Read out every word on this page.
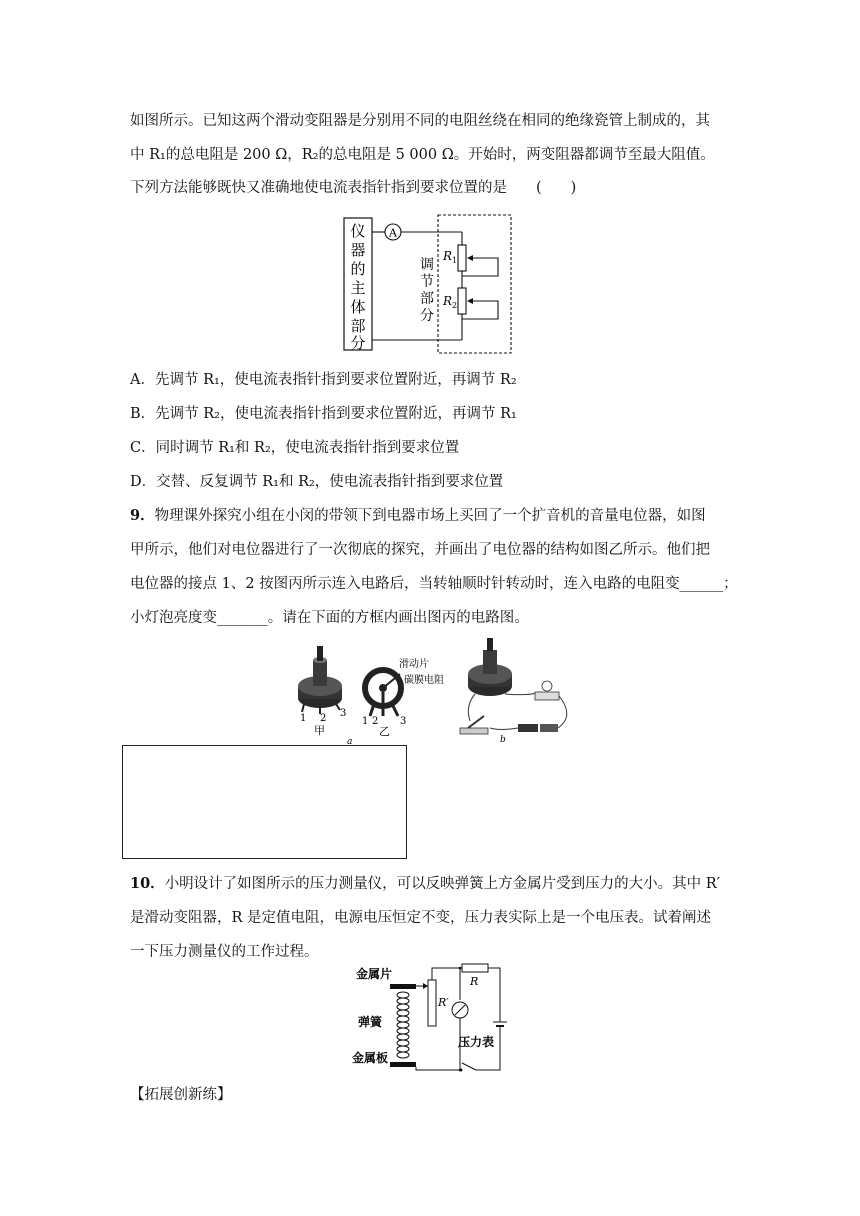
如图所示。已知这两个滑动变阻器是分别用不同的电阻丝绕在相同的绝缘瓷管上制成的，其
中 R₁的总电阻是 200 Ω，R₂的总电阻是 5 000 Ω。开始时，两变阻器都调节至最大阻值。
下列方法能够既快又准确地使电流表指针指到要求位置的是　　(　　)
仪
器
的
主
体
部
分
A
$R_1$
$R_2$
调
节
部
分
A．先调节 R₁，使电流表指针指到要求位置附近，再调节 R₂
B．先调节 R₂，使电流表指针指到要求位置附近，再调节 R₁
C．同时调节 R₁和 R₂，使电流表指针指到要求位置
D．交替、反复调节 R₁和 R₂，使电流表指针指到要求位置
9．物理课外探究小组在小闵的带领下到电器市场上买回了一个扩音机的音量电位器，如图
甲所示，他们对电位器进行了一次彻底的探究，并画出了电位器的结构如图乙所示。他们把
电位器的接点 1、2 按图丙所示连入电路后，当转轴顺时针转动时，连入电路的电阻变______；
小灯泡亮度变_______。请在下面的方框内画出图丙的电路图。
1 2 3
甲
滑动片
碳膜电阻
1 2 3
乙
a	b
10．小明设计了如图所示的压力测量仪，可以反映弹簧上方金属片受到压力的大小。其中 R′
是滑动变阻器，R 是定值电阻，电源电压恒定不变，压力表实际上是一个电压表。试着阐述
一下压力测量仪的工作过程。
金属片
弹簧
金属板
R′
R
压力表
【拓展创新练】
